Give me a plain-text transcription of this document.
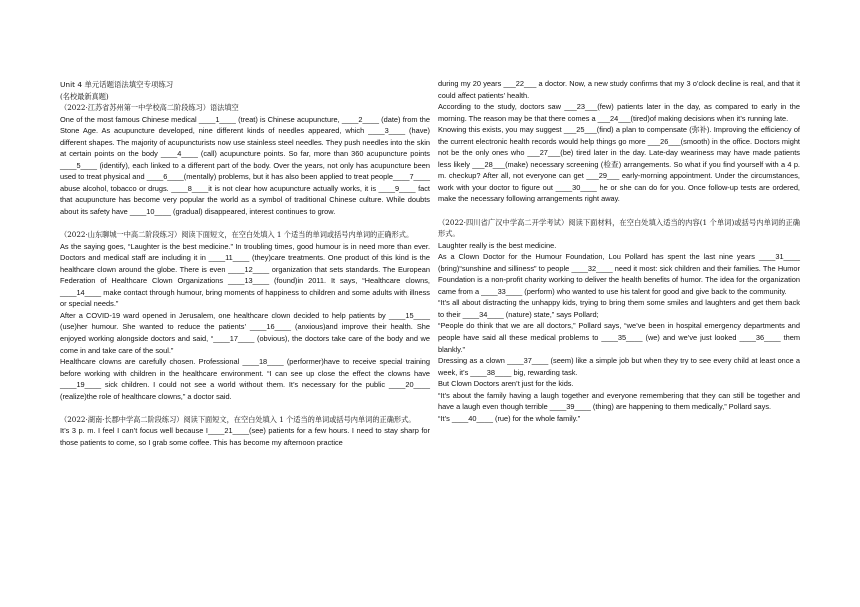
Unit 4 单元话题语法填空专项练习

(名校最新真题)

（2022·江苏省苏州第一中学校高二阶段练习）语法填空

One of the most famous Chinese medical ____1____ (treat) is Chinese acupuncture, ____2____ (date) from the Stone Age. As acupuncture developed, nine different kinds of needles appeared, which ____3____ (have) different shapes. The majority of acupuncturists now use stainless steel needles. They push needles into the skin at certain points on the body ____4____ (call) acupuncture points. So far, more than 360 acupuncture points ____5____ (identify), each linked to a different part of the body. Over the years, not only has acupuncture been used to treat physical and ____6____(mentally) problems, but it has also been applied to treat people____7____ abuse alcohol, tobacco or drugs. ____8____it is not clear how acupuncture actually works, it is ____9____ fact that acupuncture has become very popular the world as a symbol of traditional Chinese culture. While doubts about its safety have ____10____ (gradual) disappeared, interest continues to grow.

（2022·山东聊城一中高二阶段练习）阅读下面短文，在空白处填入 1 个适当的单词或括号内单词的正确形式。

As the saying goes, “Laughter is the best medicine.” In troubling times, good humour is in need more than ever. Doctors and medical staff are including it in ____11____ (they)care treatments. One product of this kind is the healthcare clown around the globe. There is even ____12____ organization that sets standards. The European Federation of Healthcare Clown Organizations ____13____ (found)in 2011. It says, “Healthcare clowns, ____14____ make contact through humour, bring moments of happiness to children and some adults with illness or special needs.”

After a COVID-19 ward opened in Jerusalem, one healthcare clown decided to help patients by ____15____ (use)her humour. She wanted to reduce the patients’ ____16____ (anxious)and improve their health. She enjoyed working alongside doctors and said, “____17____ (obvious), the doctors take care of the body and we come in and take care of the soul.”

Healthcare clowns are carefully chosen. Professional ____18____ (performer)have to receive special training before working with children in the healthcare environment. “I can see up close the effect the clowns have ____19____ sick children. I could not see a world without them. It’s necessary for the public ____20____ (realize)the role of healthcare clowns,” a doctor said.

（2022·湖南·长郡中学高二阶段练习）阅读下面短文，在空白处填入 1 个适当的单词或括号内单词的正确形式。

It’s 3 p. m. I feel I can’t focus well because I____21____(see) patients for a few hours. I need to stay sharp for those patients to come, so I grab some coffee. This has become my afternoon practice

during my 20 years ___22___ a doctor. Now, a new study confirms that my 3 o’clock decline is real, and that it could affect patients’ health.

According to the study, doctors saw ___23___(few) patients later in the day, as compared to early in the morning. The reason may be that there comes a ___24___(tired)of making decisions when it’s running late.

Knowing this exists, you may suggest ___25___(find) a plan to compensate (弥补). Improving the efficiency of the current electronic health records would help things go more ___26___(smooth) in the office. Doctors might not be the only ones who ___27___(be) tired later in the day. Late-day weariness may have made patients less likely ___28___(make) necessary screening (检查) arrangements. So what if you find yourself with a 4 p. m. checkup? After all, not everyone can get ___29___ early-morning appointment. Under the circumstances, work with your doctor to figure out ____30____ he or she can do for you. Once follow-up tests are ordered, make the necessary following arrangements right away.

（2022·四川省广汉中学高二开学考试）阅读下面材料，在空白处填入适当的内容(1 个单词)或括号内单词的正确形式。

Laughter really is the best medicine.

As a Clown Doctor for the Humour Foundation, Lou Pollard has spent the last nine years ____31____ (bring)“sunshine and silliness” to people ____32____ need it most: sick children and their families. The Humor Foundation is a non-profit charity working to deliver the health benefits of humor. The idea for the organization came from a ____33____ (perform) who wanted to use his talent for good and give back to the community.

“It’s all about distracting the unhappy kids, trying to bring them some smiles and laughters and get them back to their ____34____ (nature) state,” says Pollard;

“People do think that we are all doctors,” Pollard says, “we’ve been in hospital emergency departments and people have said all these medical problems to ____35____ (we) and we’ve just looked ____36____ them blankly.”

Dressing as a clown ____37____ (seem) like a simple job but when they try to see every child at least once a week, it’s ____38____ big, rewarding task.

But Clown Doctors aren’t just for the kids.

“It’s about the family having a laugh together and everyone remembering that they can still be together and have a laugh even though terrible ____39____ (thing) are happening to them medically,” Pollard says.

“It’s ____40____ (rue) for the whole family.”
